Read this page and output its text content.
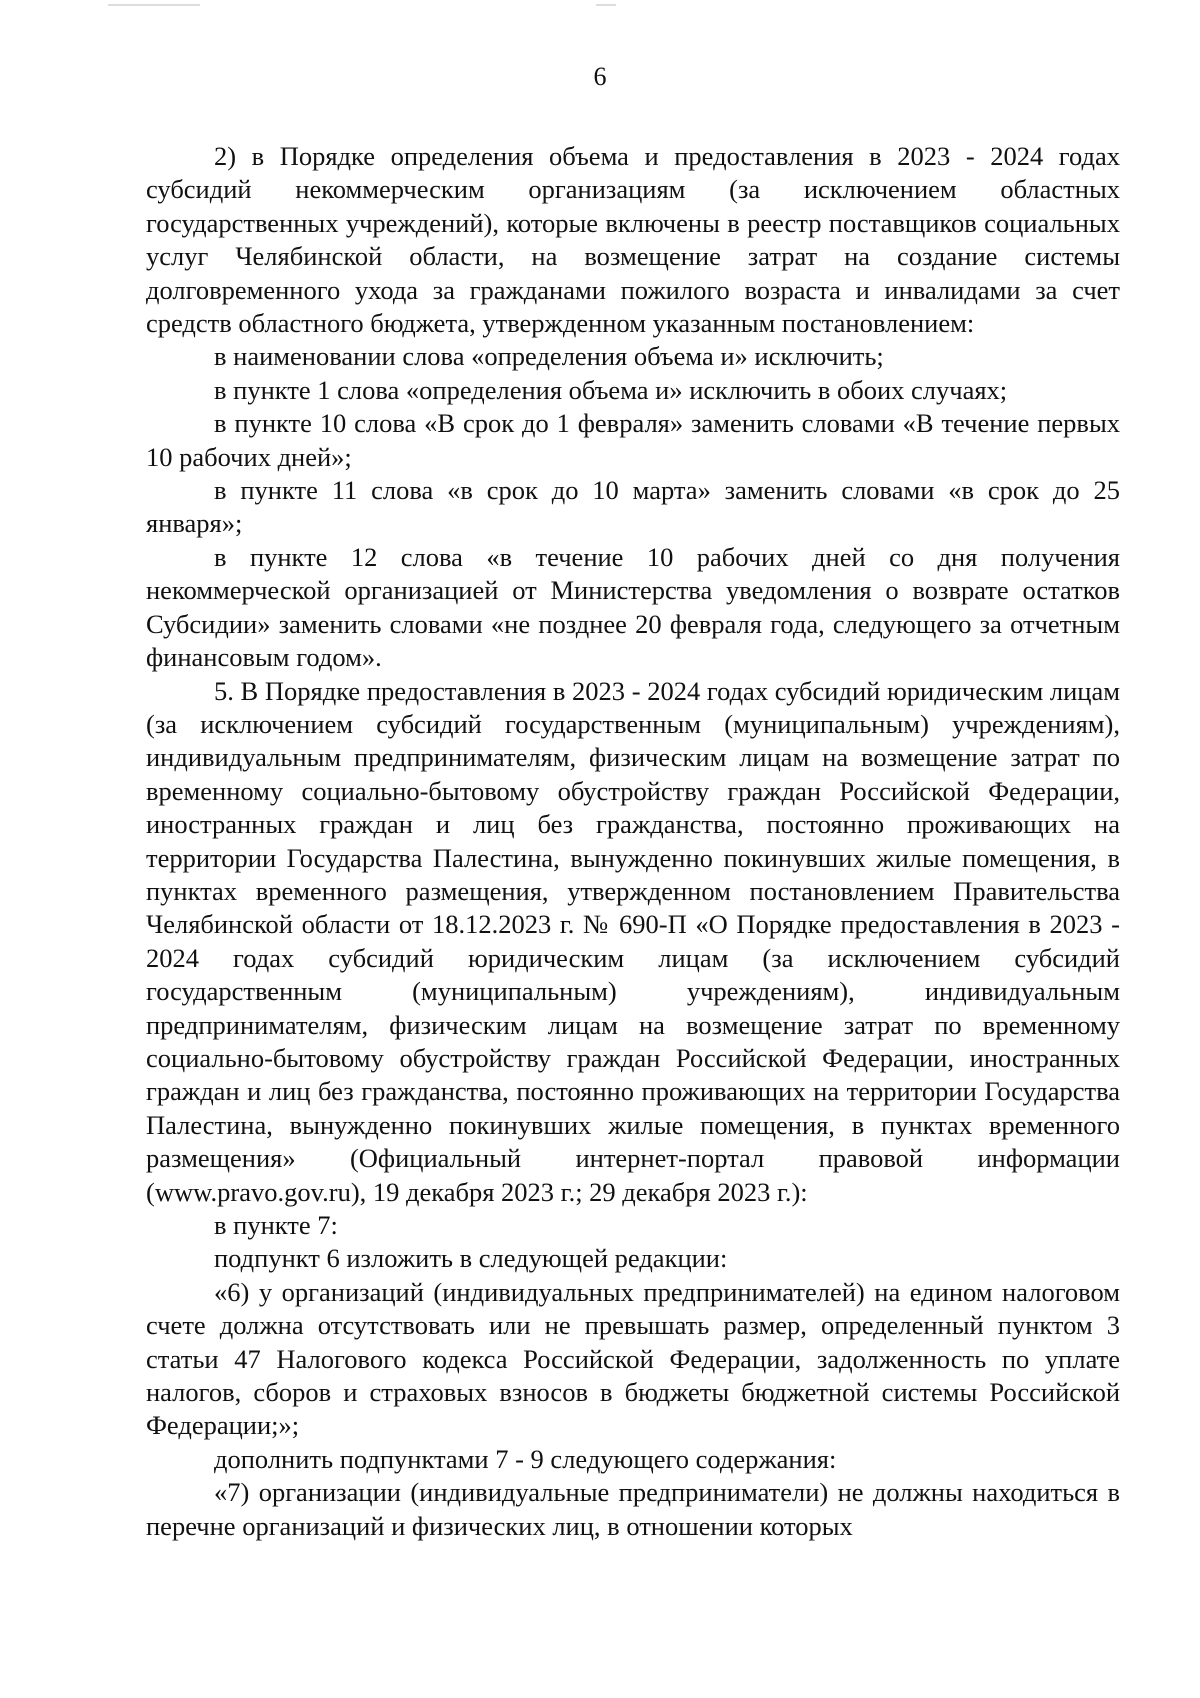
6

2) в Порядке определения объема и предоставления в 2023 - 2024 годах субсидий некоммерческим организациям (за исключением областных государственных учреждений), которые включены в реестр поставщиков социальных услуг Челябинской области, на возмещение затрат на создание системы долговременного ухода за гражданами пожилого возраста и инвалидами за счет средств областного бюджета, утвержденном указанным постановлением:

в наименовании слова «определения объема и» исключить;

в пункте 1 слова «определения объема и» исключить в обоих случаях;

в пункте 10 слова «В срок до 1 февраля» заменить словами «В течение первых 10 рабочих дней»;

в пункте 11 слова «в срок до 10 марта» заменить словами «в срок до 25 января»;

в пункте 12 слова «в течение 10 рабочих дней со дня получения некоммерческой организацией от Министерства уведомления о возврате остатков Субсидии» заменить словами «не позднее 20 февраля года, следующего за отчетным финансовым годом».

5. В Порядке предоставления в 2023 - 2024 годах субсидий юридическим лицам (за исключением субсидий государственным (муниципальным) учреждениям), индивидуальным предпринимателям, физическим лицам на возмещение затрат по временному социально-бытовому обустройству граждан Российской Федерации, иностранных граждан и лиц без гражданства, постоянно проживающих на территории Государства Палестина, вынужденно покинувших жилые помещения, в пунктах временного размещения, утвержденном постановлением Правительства Челябинской области от 18.12.2023 г. № 690-П «О Порядке предоставления в 2023 - 2024 годах субсидий юридическим лицам (за исключением субсидий государственным (муниципальным) учреждениям), индивидуальным предпринимателям, физическим лицам на возмещение затрат по временному социально-бытовому обустройству граждан Российской Федерации, иностранных граждан и лиц без гражданства, постоянно проживающих на территории Государства Палестина, вынужденно покинувших жилые помещения, в пунктах временного размещения» (Официальный интернет-портал правовой информации (www.pravo.gov.ru), 19 декабря 2023 г.; 29 декабря 2023 г.):

в пункте 7:

подпункт 6 изложить в следующей редакции:

«6) у организаций (индивидуальных предпринимателей) на едином налоговом счете должна отсутствовать или не превышать размер, определенный пунктом 3 статьи 47 Налогового кодекса Российской Федерации, задолженность по уплате налогов, сборов и страховых взносов в бюджеты бюджетной системы Российской Федерации;»;

дополнить подпунктами 7 - 9 следующего содержания:

«7) организации (индивидуальные предприниматели) не должны находиться в перечне организаций и физических лиц, в отношении которых
